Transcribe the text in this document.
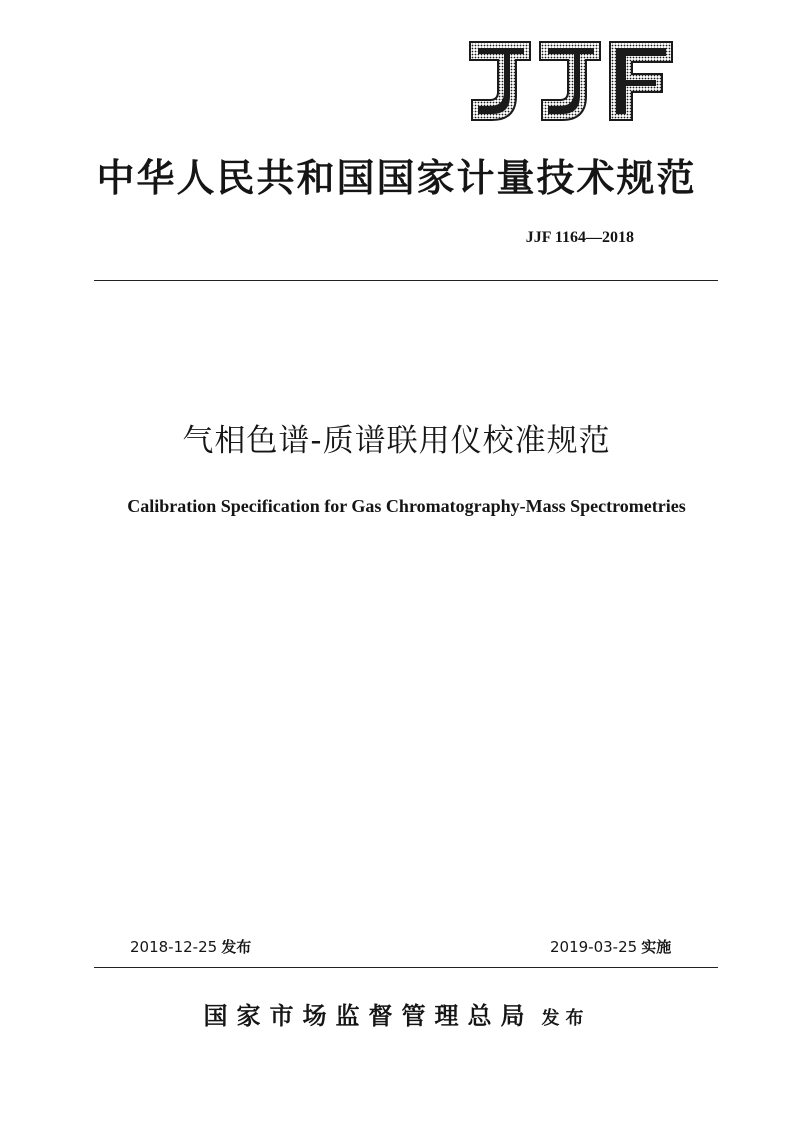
中华人民共和国国家计量技术规范
JJF 1164—2018
气相色谱-质谱联用仪校准规范
Calibration Specification for Gas Chromatography-Mass Spectrometries
2018-12-25 发布	2019-03-25 实施
国家市场监督管理总局 发布
